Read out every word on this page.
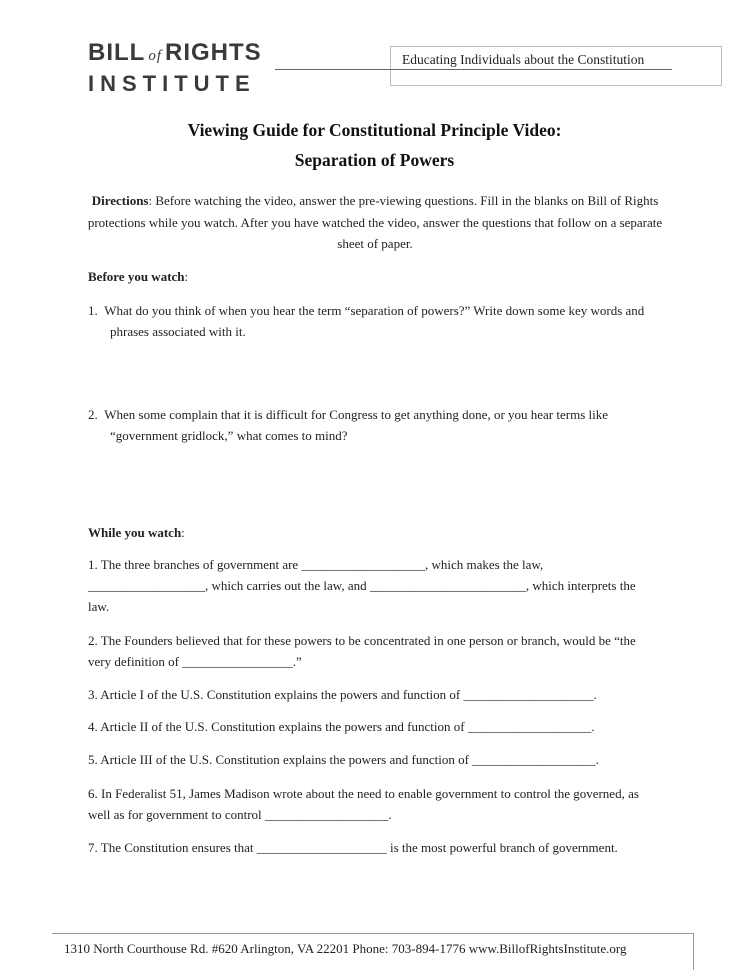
BILL of RIGHTS
INSTITUTE
Educating Individuals about the Constitution
Viewing Guide for Constitutional Principle Video:
Separation of Powers
Directions: Before watching the video, answer the pre-viewing questions. Fill in the blanks on Bill of Rights protections while you watch. After you have watched the video, answer the questions that follow on a separate sheet of paper.
Before you watch:
1.  What do you think of when you hear the term “separation of powers?” Write down some key words and phrases associated with it.
2.  When some complain that it is difficult for Congress to get anything done, or you hear terms like “government gridlock,” what comes to mind?
While you watch:
1. The three branches of government are ___________________, which makes the law, __________________, which carries out the law, and ________________________, which interprets the law.
2. The Founders believed that for these powers to be concentrated in one person or branch, would be “the very definition of _________________.”
3. Article I of the U.S. Constitution explains the powers and function of ____________________.
4. Article II of the U.S. Constitution explains the powers and function of ___________________.
5. Article III of the U.S. Constitution explains the powers and function of ___________________.
6. In Federalist 51, James Madison wrote about the need to enable government to control the governed, as well as for government to control ___________________.
7. The Constitution ensures that ____________________ is the most powerful branch of government.
1310 North Courthouse Rd. #620 Arlington, VA 22201 Phone: 703-894-1776 www.BillofRightsInstitute.org
